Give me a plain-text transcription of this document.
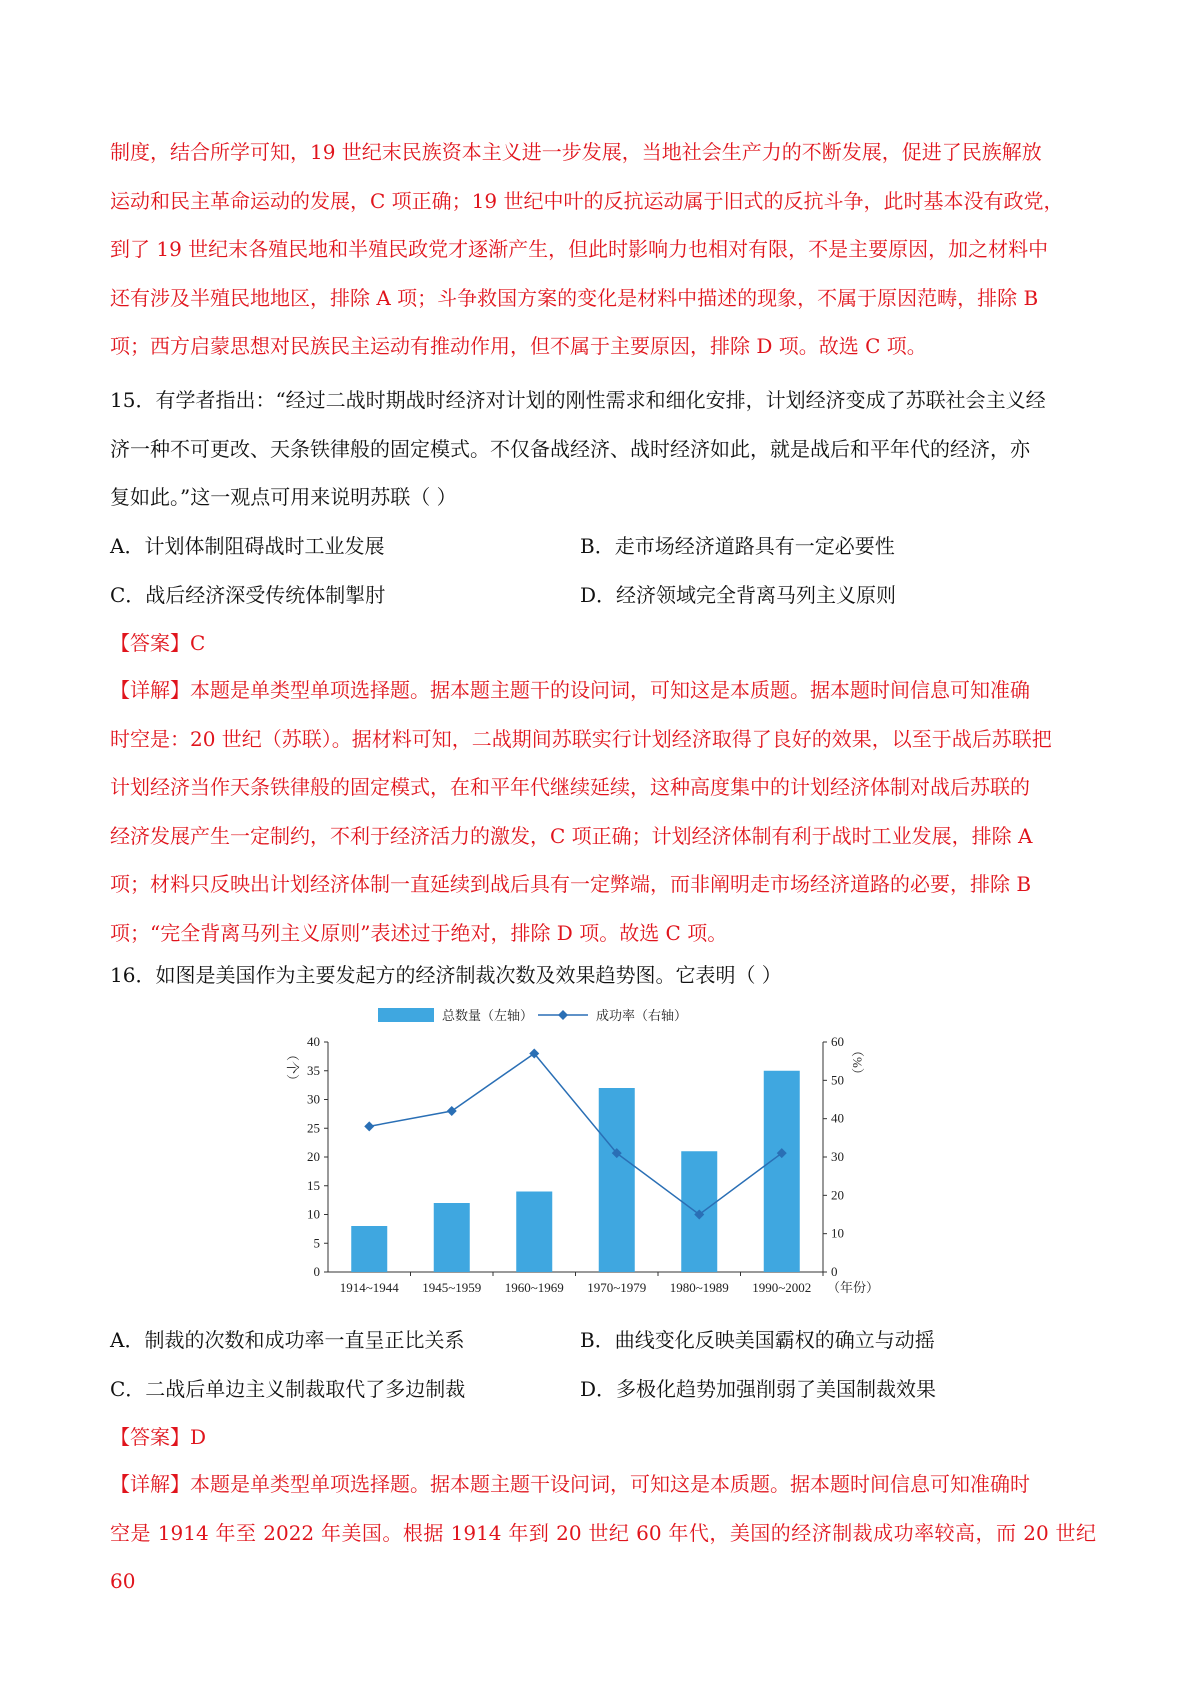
制度，结合所学可知，19 世纪末民族资本主义进一步发展，当地社会生产力的不断发展，促进了民族解放
运动和民主革命运动的发展，C 项正确；19 世纪中叶的反抗运动属于旧式的反抗斗争，此时基本没有政党，
到了 19 世纪末各殖民地和半殖民政党才逐渐产生，但此时影响力也相对有限，不是主要原因，加之材料中
还有涉及半殖民地地区，排除 A 项；斗争救国方案的变化是材料中描述的现象，不属于原因范畴，排除 B
项；西方启蒙思想对民族民主运动有推动作用，但不属于主要原因，排除 D 项。故选 C 项。
15．有学者指出：“经过二战时期战时经济对计划的刚性需求和细化安排，计划经济变成了苏联社会主义经
济一种不可更改、天条铁律般的固定模式。不仅备战经济、战时经济如此，就是战后和平年代的经济，亦
复如此。”这一观点可用来说明苏联（ ）
A．计划体制阻碍战时工业发展	B．走市场经济道路具有一定必要性
C．战后经济深受传统体制掣肘	D．经济领域完全背离马列主义原则
【答案】C
【详解】本题是单类型单项选择题。据本题主题干的设问词，可知这是本质题。据本题时间信息可知准确
时空是：20 世纪（苏联）。据材料可知，二战期间苏联实行计划经济取得了良好的效果，以至于战后苏联把
计划经济当作天条铁律般的固定模式，在和平年代继续延续，这种高度集中的计划经济体制对战后苏联的
经济发展产生一定制约，不利于经济活力的激发，C 项正确；计划经济体制有利于战时工业发展，排除 A
项；材料只反映出计划经济体制一直延续到战后具有一定弊端，而非阐明走市场经济道路的必要，排除 B
项；“完全背离马列主义原则”表述过于绝对，排除 D 项。故选 C 项。
16．如图是美国作为主要发起方的经济制裁次数及效果趋势图。它表明（ ）
0
5
10
15
20
25
30
35
40
0
10
20
30
40
50
60
（个）	（%）
1914~1944 1945~1959 1960~1969 1970~1979 1980~1989 1990~2002 （年份）
总数量（左轴）	成功率（右轴）
A．制裁的次数和成功率一直呈正比关系	B．曲线变化反映美国霸权的确立与动摇
C．二战后单边主义制裁取代了多边制裁	D．多极化趋势加强削弱了美国制裁效果
【答案】D
【详解】本题是单类型单项选择题。据本题主题干设问词，可知这是本质题。据本题时间信息可知准确时
空是 1914 年至 2022 年美国。根据 1914 年到 20 世纪 60 年代，美国的经济制裁成功率较高，而 20 世纪 60
